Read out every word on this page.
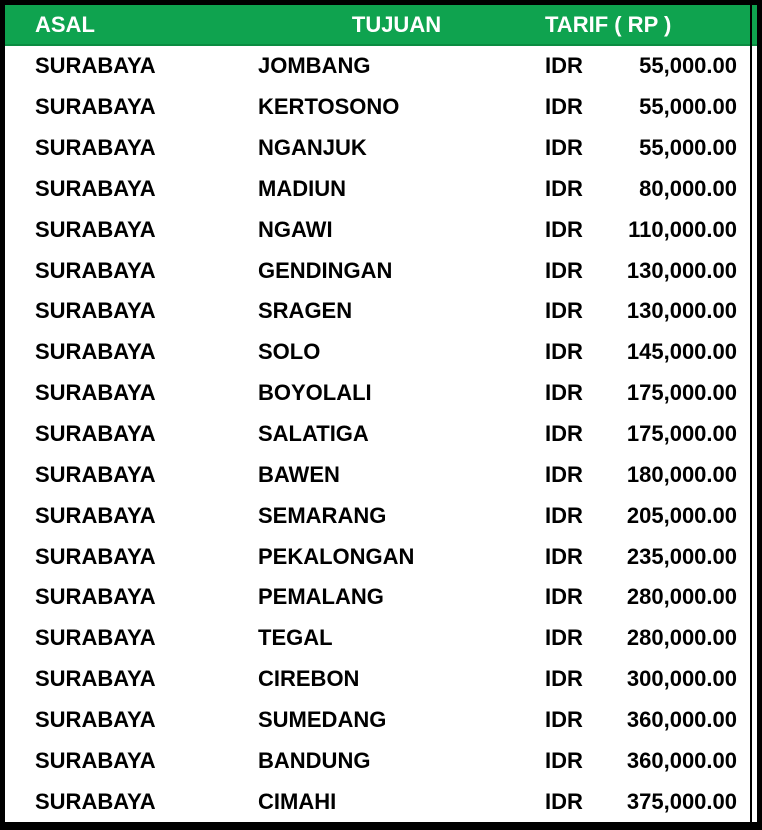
ASAL	TUJUAN	TARIF ( RP )
SURABAYA	JOMBANG	IDR	55,000.00
SURABAYA	KERTOSONO	IDR	55,000.00
SURABAYA	NGANJUK	IDR	55,000.00
SURABAYA	MADIUN	IDR	80,000.00
SURABAYA	NGAWI	IDR 110,000.00
SURABAYA	GENDINGAN	IDR 130,000.00
SURABAYA	SRAGEN	IDR 130,000.00
SURABAYA	SOLO	IDR 145,000.00
SURABAYA	BOYOLALI	IDR 175,000.00
SURABAYA	SALATIGA	IDR 175,000.00
SURABAYA	BAWEN	IDR 180,000.00
SURABAYA	SEMARANG	IDR 205,000.00
SURABAYA	PEKALONGAN	IDR 235,000.00
SURABAYA	PEMALANG	IDR 280,000.00
SURABAYA	TEGAL	IDR 280,000.00
SURABAYA	CIREBON	IDR 300,000.00
SURABAYA	SUMEDANG	IDR 360,000.00
SURABAYA	BANDUNG	IDR 360,000.00
SURABAYA	CIMAHI	IDR 375,000.00
